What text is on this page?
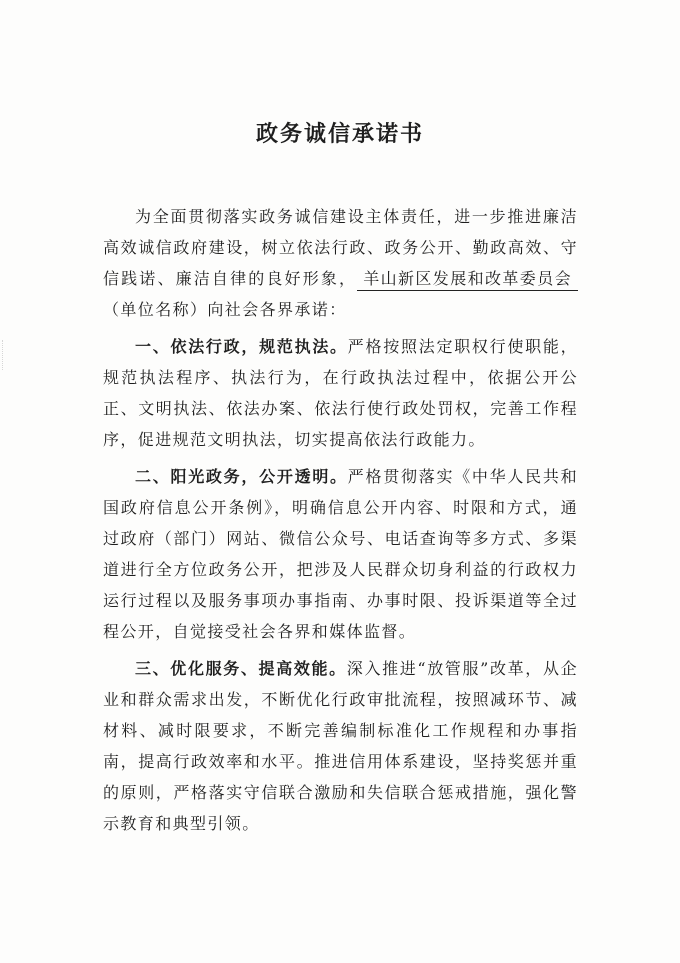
政务诚信承诺书

为全面贯彻落实政务诚信建设主体责任，进一步推进廉洁高效诚信政府建设，树立依法行政、政务公开、勤政高效、守信践诺、廉洁自律的良好形象， 羊山新区发展和改革委员会（单位名称）向社会各界承诺：

一、依法行政，规范执法。严格按照法定职权行使职能，规范执法程序、执法行为，在行政执法过程中，依据公开公正、文明执法、依法办案、依法行使行政处罚权，完善工作程序，促进规范文明执法，切实提高依法行政能力。

二、阳光政务，公开透明。严格贯彻落实《中华人民共和国政府信息公开条例》，明确信息公开内容、时限和方式，通过政府（部门）网站、微信公众号、电话查询等多方式、多渠道进行全方位政务公开，把涉及人民群众切身利益的行政权力运行过程以及服务事项办事指南、办事时限、投诉渠道等全过程公开，自觉接受社会各界和媒体监督。

三、优化服务、提高效能。深入推进“放管服”改革，从企业和群众需求出发，不断优化行政审批流程，按照减环节、减材料、减时限要求，不断完善编制标准化工作规程和办事指南，提高行政效率和水平。推进信用体系建设，坚持奖惩并重的原则，严格落实守信联合激励和失信联合惩戒措施，强化警示教育和典型引领。
